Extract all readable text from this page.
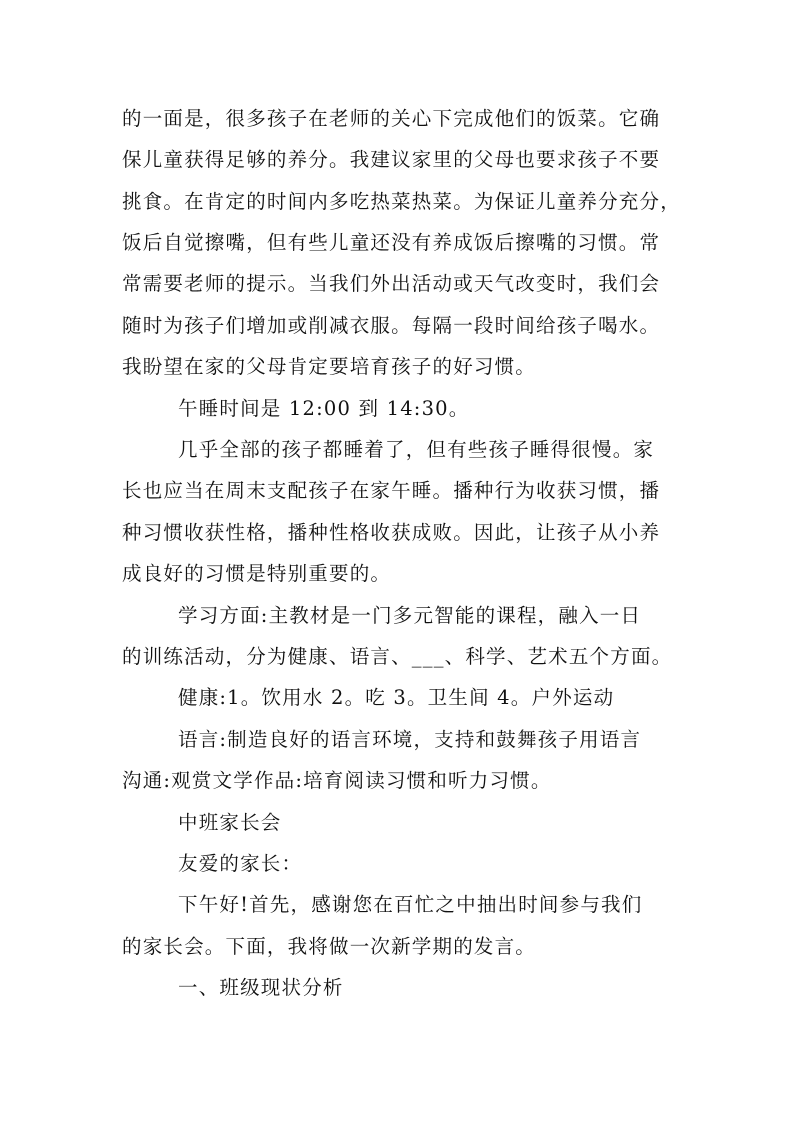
的一面是，很多孩子在老师的关心下完成他们的饭菜。它确
保儿童获得足够的养分。我建议家里的父母也要求孩子不要
挑食。在肯定的时间内多吃热菜热菜。为保证儿童养分充分，
饭后自觉擦嘴，但有些儿童还没有养成饭后擦嘴的习惯。常
常需要老师的提示。当我们外出活动或天气改变时，我们会
随时为孩子们增加或削减衣服。每隔一段时间给孩子喝水。
我盼望在家的父母肯定要培育孩子的好习惯。
午睡时间是 12:00 到 14:30。
几乎全部的孩子都睡着了，但有些孩子睡得很慢。家
长也应当在周末支配孩子在家午睡。播种行为收获习惯，播
种习惯收获性格，播种性格收获成败。因此，让孩子从小养
成良好的习惯是特别重要的。
学习方面:主教材是一门多元智能的课程，融入一日
的训练活动，分为健康、语言、___、科学、艺术五个方面。
健康:1。饮用水 2。吃 3。卫生间 4。户外运动
语言:制造良好的语言环境，支持和鼓舞孩子用语言
沟通:观赏文学作品:培育阅读习惯和听力习惯。
中班家长会
友爱的家长：
下午好!首先，感谢您在百忙之中抽出时间参与我们
的家长会。下面，我将做一次新学期的发言。
一、班级现状分析
